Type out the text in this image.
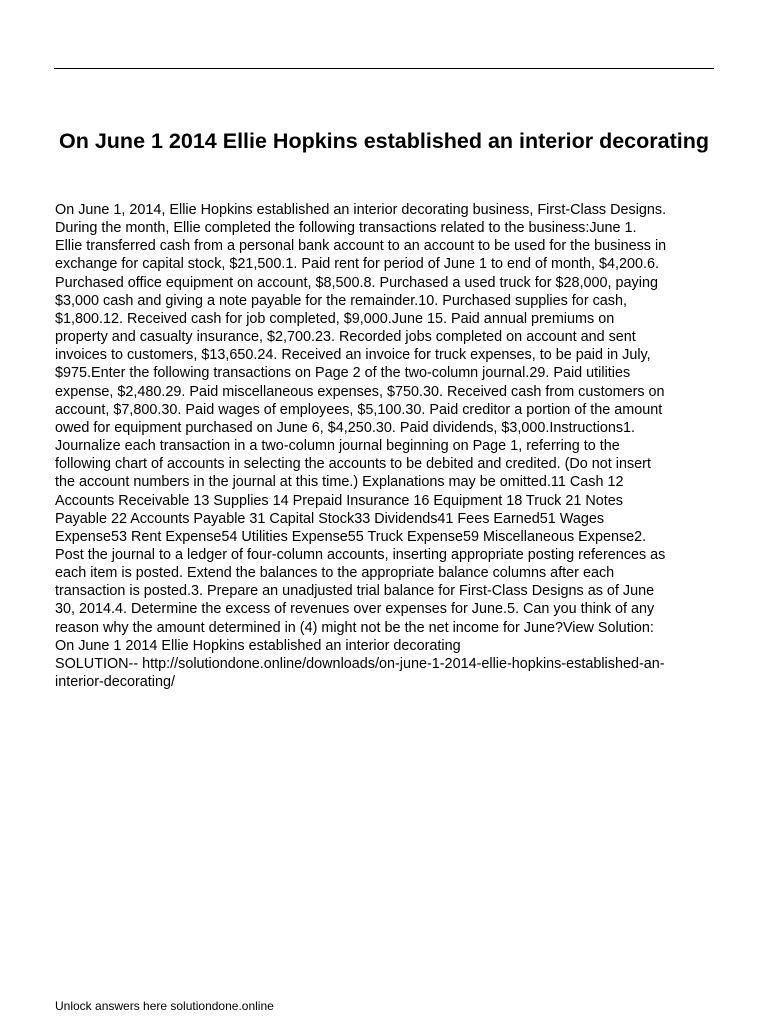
On June 1 2014 Ellie Hopkins established an interior decorating
On June 1, 2014, Ellie Hopkins established an interior decorating business, First-Class Designs.
During the month, Ellie completed the following transactions related to the business:June 1.
Ellie transferred cash from a personal bank account to an account to be used for the business in
exchange for capital stock, $21,500.1. Paid rent for period of June 1 to end of month, $4,200.6.
Purchased office equipment on account, $8,500.8. Purchased a used truck for $28,000, paying
$3,000 cash and giving a note payable for the remainder.10. Purchased supplies for cash,
$1,800.12. Received cash for job completed, $9,000.June 15. Paid annual premiums on
property and casualty insurance, $2,700.23. Recorded jobs completed on account and sent
invoices to customers, $13,650.24. Received an invoice for truck expenses, to be paid in July,
$975.Enter the following transactions on Page 2 of the two-column journal.29. Paid utilities
expense, $2,480.29. Paid miscellaneous expenses, $750.30. Received cash from customers on
account, $7,800.30. Paid wages of employees, $5,100.30. Paid creditor a portion of the amount
owed for equipment purchased on June 6, $4,250.30. Paid dividends, $3,000.Instructions1.
Journalize each transaction in a two-column journal beginning on Page 1, referring to the
following chart of accounts in selecting the accounts to be debited and credited. (Do not insert
the account numbers in the journal at this time.) Explanations may be omitted.11 Cash 12
Accounts Receivable 13 Supplies 14 Prepaid Insurance 16 Equipment 18 Truck 21 Notes
Payable 22 Accounts Payable 31 Capital Stock33 Dividends41 Fees Earned51 Wages
Expense53 Rent Expense54 Utilities Expense55 Truck Expense59 Miscellaneous Expense2.
Post the journal to a ledger of four-column accounts, inserting appropriate posting references as
each item is posted. Extend the balances to the appropriate balance columns after each
transaction is posted.3. Prepare an unadjusted trial balance for First-Class Designs as of June
30, 2014.4. Determine the excess of revenues over expenses for June.5. Can you think of any
reason why the amount determined in (4) might not be the net income for June?View Solution:
On June 1 2014 Ellie Hopkins established an interior decorating
SOLUTION-- http://solutiondone.online/downloads/on-june-1-2014-ellie-hopkins-established-an-
interior-decorating/

Unlock answers here solutiondone.online
